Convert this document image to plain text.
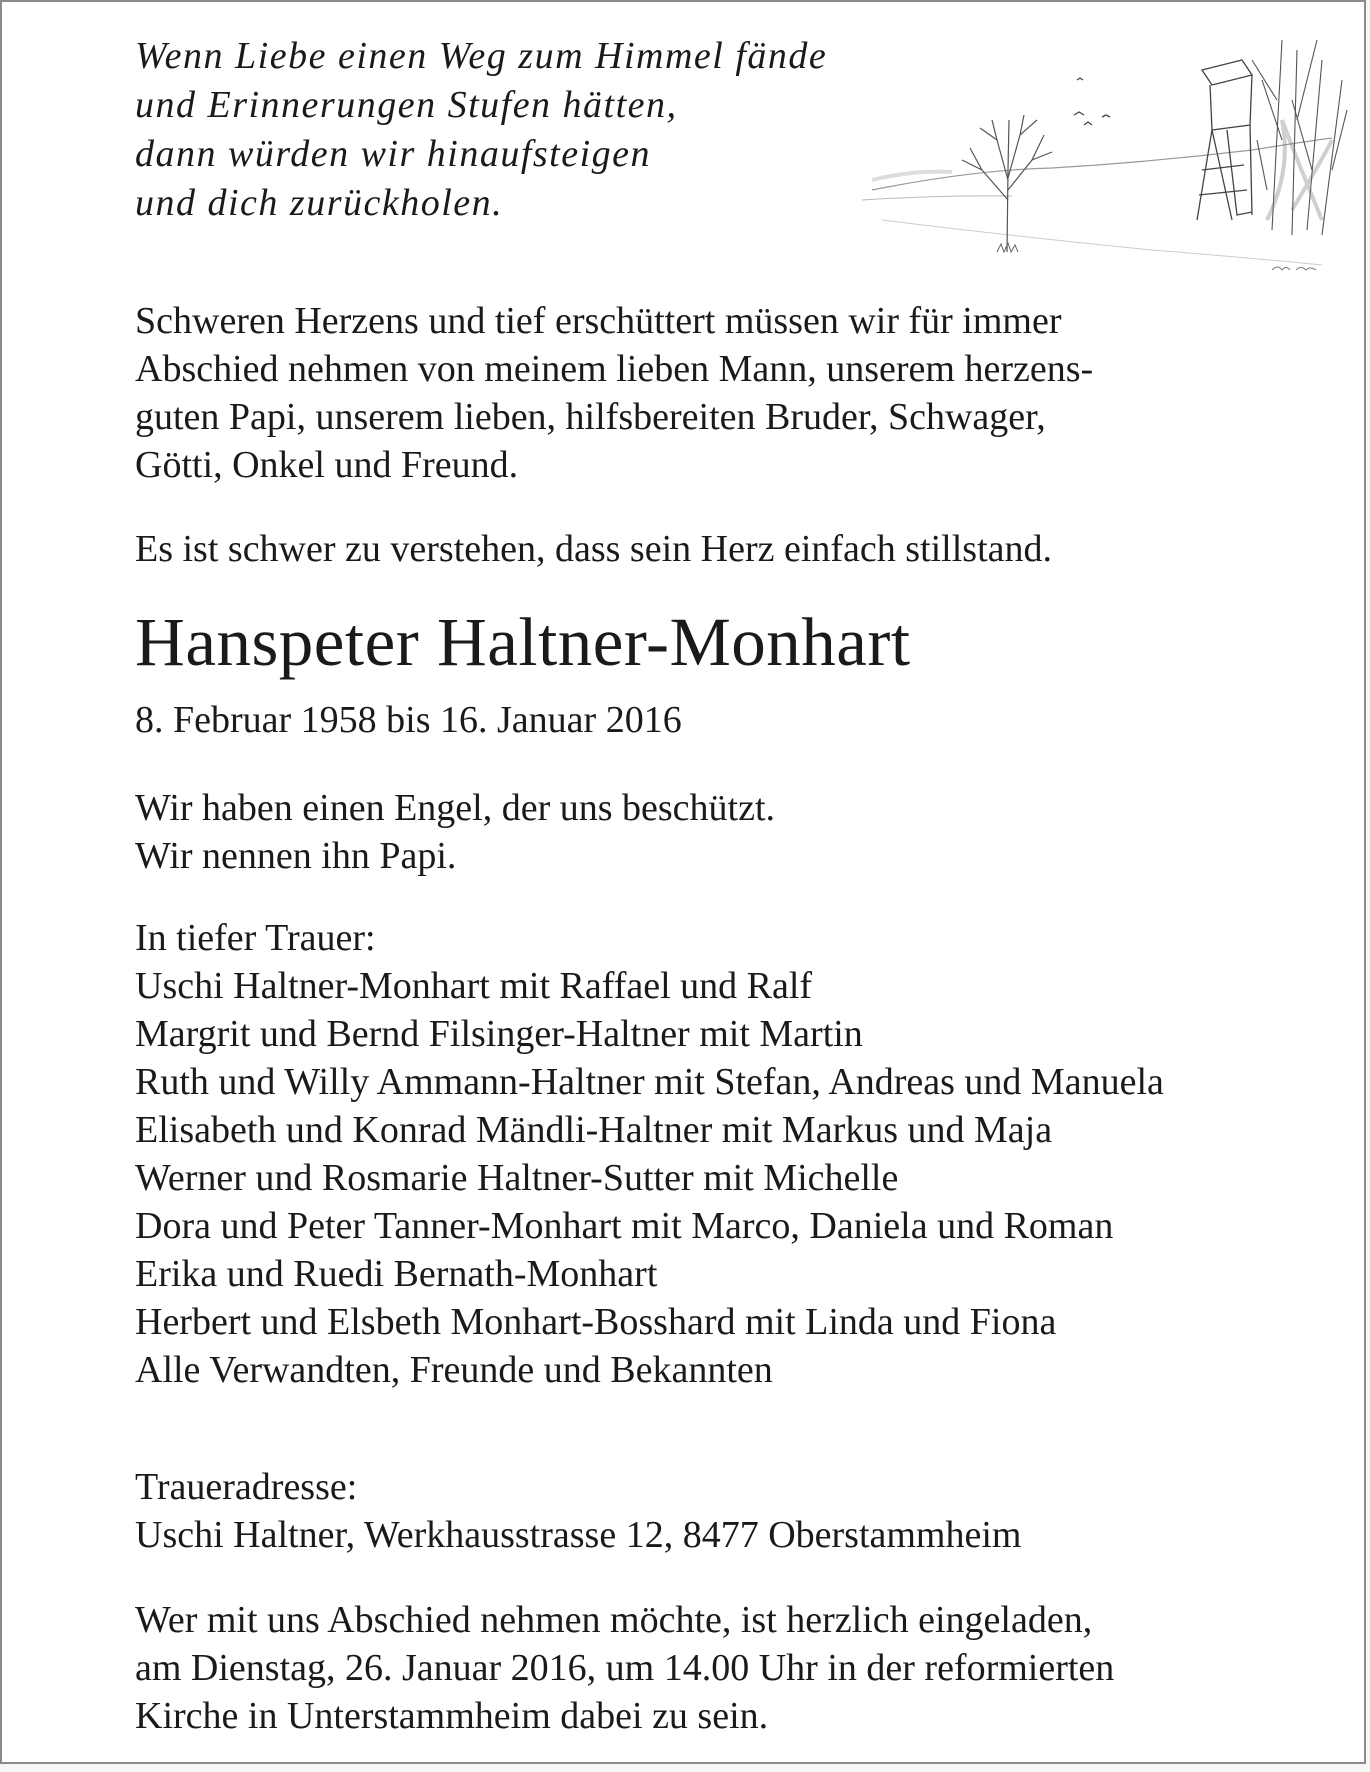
Wenn Liebe einen Weg zum Himmel fände
und Erinnerungen Stufen hätten,
dann würden wir hinaufsteigen
und dich zurückholen.
Schweren Herzens und tief erschüttert müssen wir für immer
Abschied nehmen von meinem lieben Mann, unserem herzens-
guten Papi, unserem lieben, hilfsbereiten Bruder, Schwager,
Götti, Onkel und Freund.
Es ist schwer zu verstehen, dass sein Herz einfach stillstand.
Hanspeter Haltner-Monhart
8. Februar 1958 bis 16. Januar 2016
Wir haben einen Engel, der uns beschützt.
Wir nennen ihn Papi.
In tiefer Trauer:
Uschi Haltner-Monhart mit Raffael und Ralf
Margrit und Bernd Filsinger-Haltner mit Martin
Ruth und Willy Ammann-Haltner mit Stefan, Andreas und Manuela
Elisabeth und Konrad Mändli-Haltner mit Markus und Maja
Werner und Rosmarie Haltner-Sutter mit Michelle
Dora und Peter Tanner-Monhart mit Marco, Daniela und Roman
Erika und Ruedi Bernath-Monhart
Herbert und Elsbeth Monhart-Bosshard mit Linda und Fiona
Alle Verwandten, Freunde und Bekannten
Traueradresse:
Uschi Haltner, Werkhausstrasse 12, 8477 Oberstammheim
Wer mit uns Abschied nehmen möchte, ist herzlich eingeladen,
am Dienstag, 26. Januar 2016, um 14.00 Uhr in der reformierten
Kirche in Unterstammheim dabei zu sein.
